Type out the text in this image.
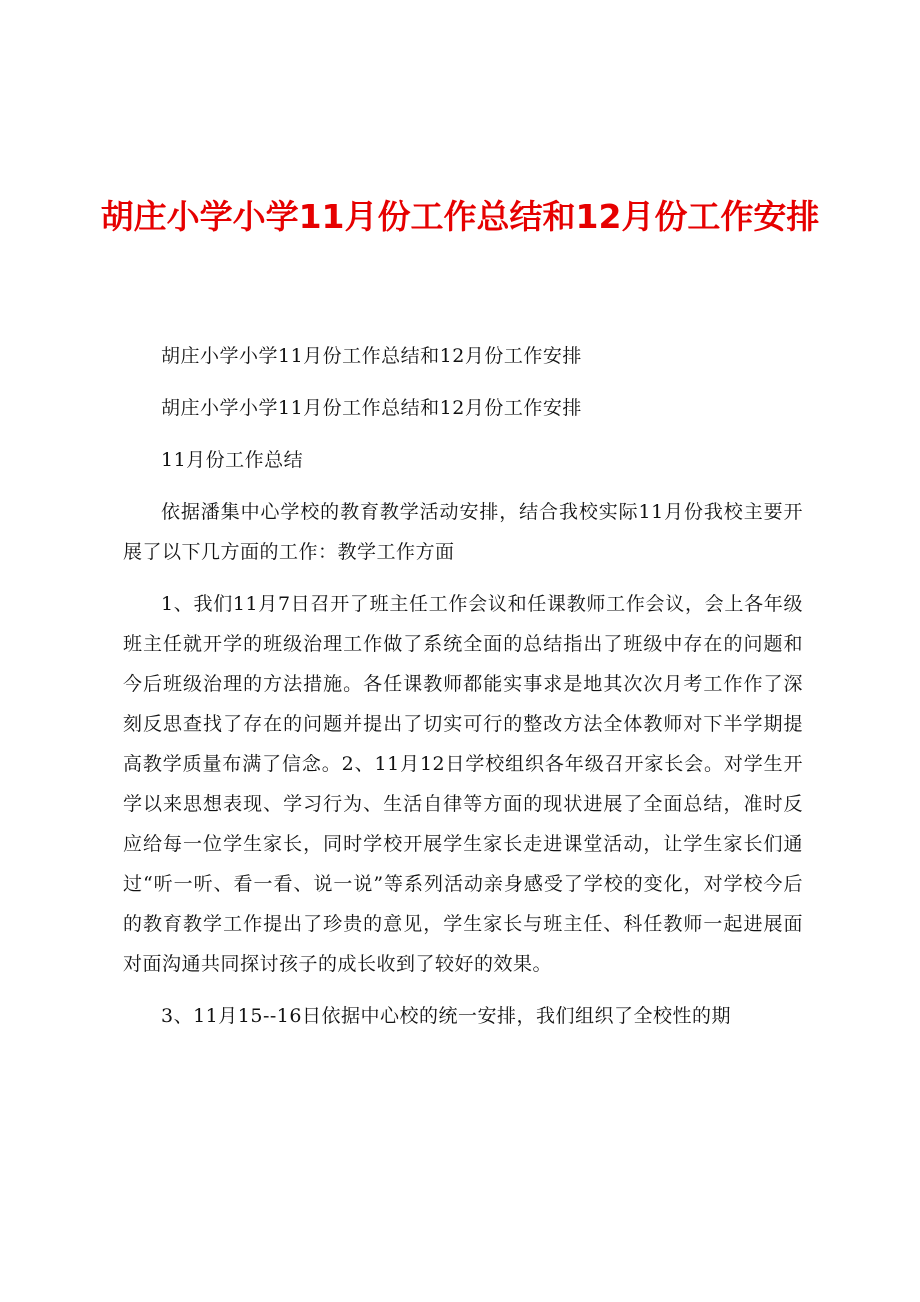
胡庄小学小学11月份工作总结和12月份工作安排

胡庄小学小学11月份工作总结和12月份工作安排

胡庄小学小学11月份工作总结和12月份工作安排

11月份工作总结

依据潘集中心学校的教育教学活动安排，结合我校实际11月份我校主要开展了以下几方面的工作：教学工作方面

1、我们11月7日召开了班主任工作会议和任课教师工作会议，会上各年级班主任就开学的班级治理工作做了系统全面的总结指出了班级中存在的问题和今后班级治理的方法措施。各任课教师都能实事求是地其次次月考工作作了深刻反思查找了存在的问题并提出了切实可行的整改方法全体教师对下半学期提高教学质量布满了信念。2、11月12日学校组织各年级召开家长会。对学生开学以来思想表现、学习行为、生活自律等方面的现状进展了全面总结，准时反应给每一位学生家长，同时学校开展学生家长走进课堂活动，让学生家长们通过“听一听、看一看、说一说”等系列活动亲身感受了学校的变化，对学校今后的教育教学工作提出了珍贵的意见，学生家长与班主任、科任教师一起进展面对面沟通共同探讨孩子的成长收到了较好的效果。

3、11月15--16日依据中心校的统一安排，我们组织了全校性的期
